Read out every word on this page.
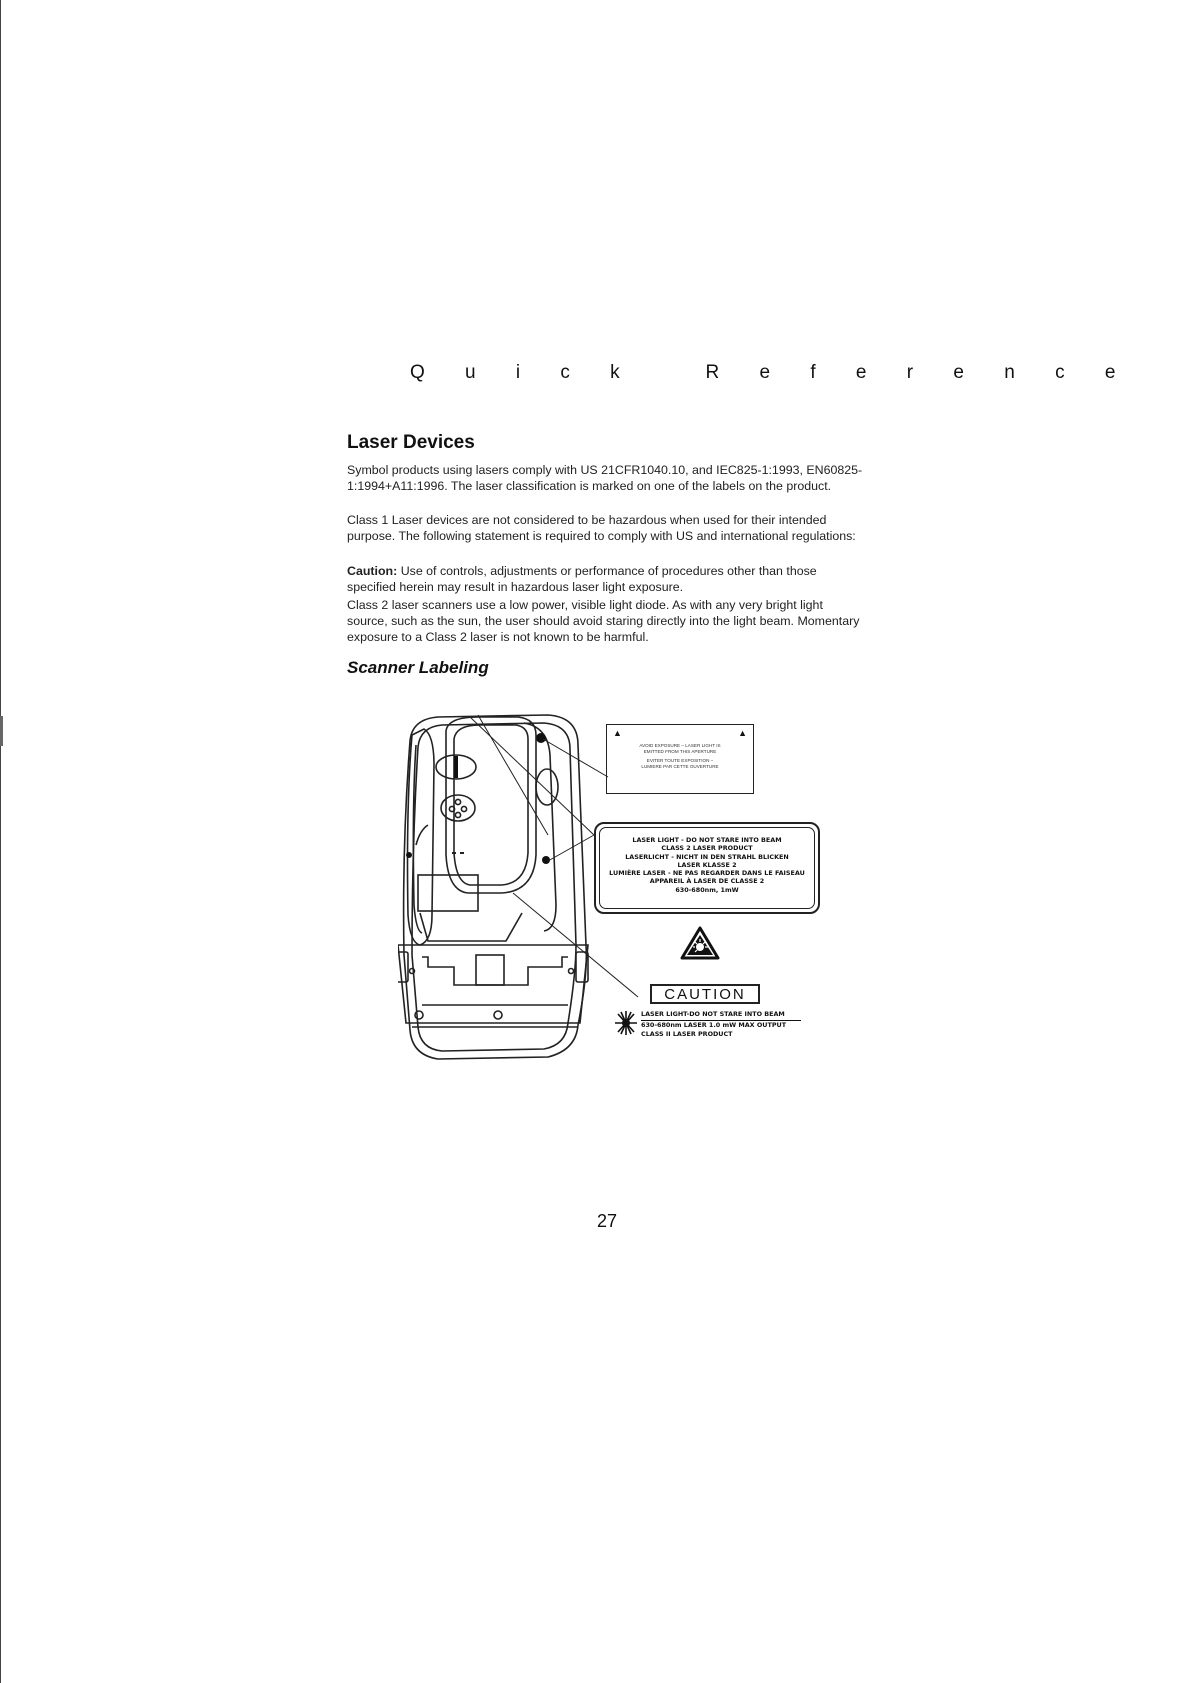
Q u i c k   R e f e r e n c e
Laser Devices

Symbol products using lasers comply with US 21CFR1040.10, and IEC825-1:1993, EN60825-1:1994+A11:1996. The laser classification is marked on one of the labels on the product.

Class 1 Laser devices are not considered to be hazardous when used for their intended purpose. The following statement is required to comply with US and international regulations:

Caution: Use of controls, adjustments or performance of procedures other than those specified herein may result in hazardous laser light exposure.

Class 2 laser scanners use a low power, visible light diode. As with any very bright light source, such as the sun, the user should avoid staring directly into the light beam. Momentary exposure to a Class 2 laser is not known to be harmful.

Scanner Labeling
▲	▲
AVOID EXPOSURE – LASER LIGHT IS
EMITTED FROM THIS APERTURE
EVITER TOUTE EXPOSITION –
LUMIERE PAR CETTE OUVERTURE
LASER LIGHT - DO NOT STARE INTO BEAM
CLASS 2 LASER PRODUCT
LASERLICHT - NICHT IN DEN STRAHL BLICKEN
LASER KLASSE 2
LUMIÈRE LASER - NE PAS REGARDER DANS LE FAISEAU
APPAREIL À LASER DE CLASSE 2
630-680nm, 1mW
CAUTION
LASER LIGHT-DO NOT STARE INTO BEAM
630-680nm LASER 1.0 mW MAX OUTPUT
CLASS II LASER PRODUCT
27
